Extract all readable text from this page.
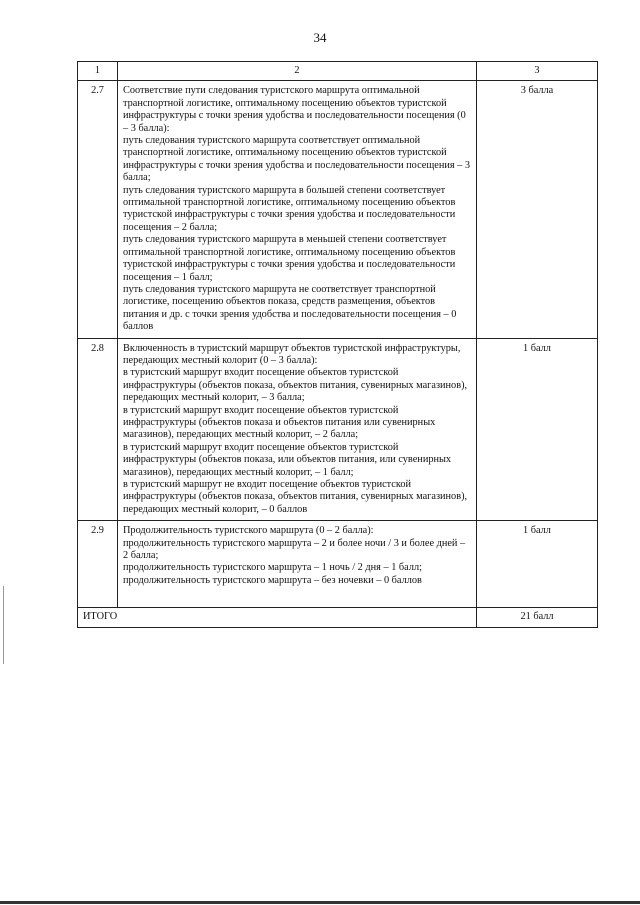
34
1	2	3
2.7	Соответствие пути следования туристского маршрута оптимальной транспортной логистике, оптимальному посещению объектов туристской инфраструктуры с точки зрения удобства и последовательности посещения (0 – 3 балла):
путь следования туристского маршрута соответствует оптимальной транспортной логистике, оптимальному посещению объектов туристской инфраструктуры с точки зрения удобства и последовательности посещения – 3 балла;
путь следования туристского маршрута в большей степени соответствует оптимальной транспортной логистике, оптимальному посещению объектов туристской инфраструктуры с точки зрения удобства и последовательности посещения – 2 балла;
путь следования туристского маршрута в меньшей степени соответствует оптимальной транспортной логистике, оптимальному посещению объектов туристской инфраструктуры с точки зрения удобства и последовательности посещения – 1 балл;
путь следования туристского маршрута не соответствует транспортной логистике, посещению объектов показа, средств размещения, объектов питания и др. с точки зрения удобства и последовательности посещения – 0 баллов	3 балла
2.8	Включенность в туристский маршрут объектов туристской инфраструктуры, передающих местный колорит (0 – 3 балла):
в туристский маршрут входит посещение объектов туристской инфраструктуры (объектов показа, объектов питания, сувенирных магазинов), передающих местный колорит, – 3 балла;
в туристский маршрут входит посещение объектов туристской инфраструктуры (объектов показа и объектов питания или сувенирных магазинов), передающих местный колорит, – 2 балла;
в туристский маршрут входит посещение объектов туристской инфраструктуры (объектов показа, или объектов питания, или сувенирных магазинов), передающих местный колорит, – 1 балл;
в туристский маршрут не входит посещение объектов туристской инфраструктуры (объектов показа, объектов питания, сувенирных магазинов), передающих местный колорит, – 0 баллов	1 балл
2.9	Продолжительность туристского маршрута (0 – 2 балла):
продолжительность туристского маршрута – 2 и более ночи / 3 и более дней – 2 балла;
продолжительность туристского маршрута – 1 ночь / 2 дня – 1 балл;
продолжительность туристского маршрута – без ночевки – 0 баллов	1 балл
ИТОГО		21 балл
